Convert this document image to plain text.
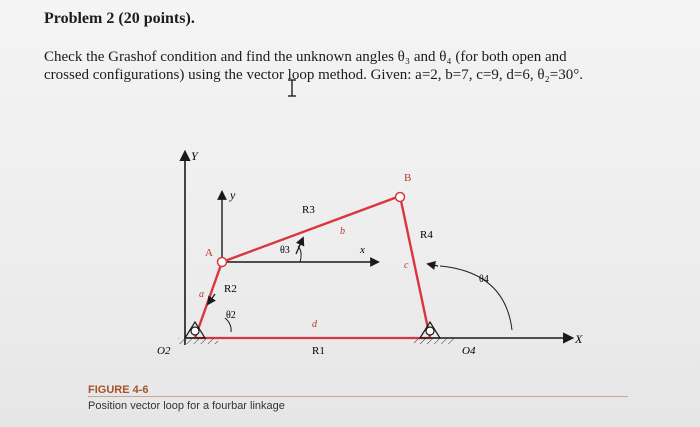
Problem 2 (20 points).
Check the Grashof condition and find the unknown angles θ₃ and θ₄ (for both open and
crossed configurations) using the vector loop method. Given: a=2, b=7, c=9, d=6, θ₂=30°.
Y
y
x
X
A
B
R1
R2
R3
R4
a
b
c
d
θ2
θ3
θ4
O2	O4
FIGURE 4-6
Position vector loop for a fourbar linkage
